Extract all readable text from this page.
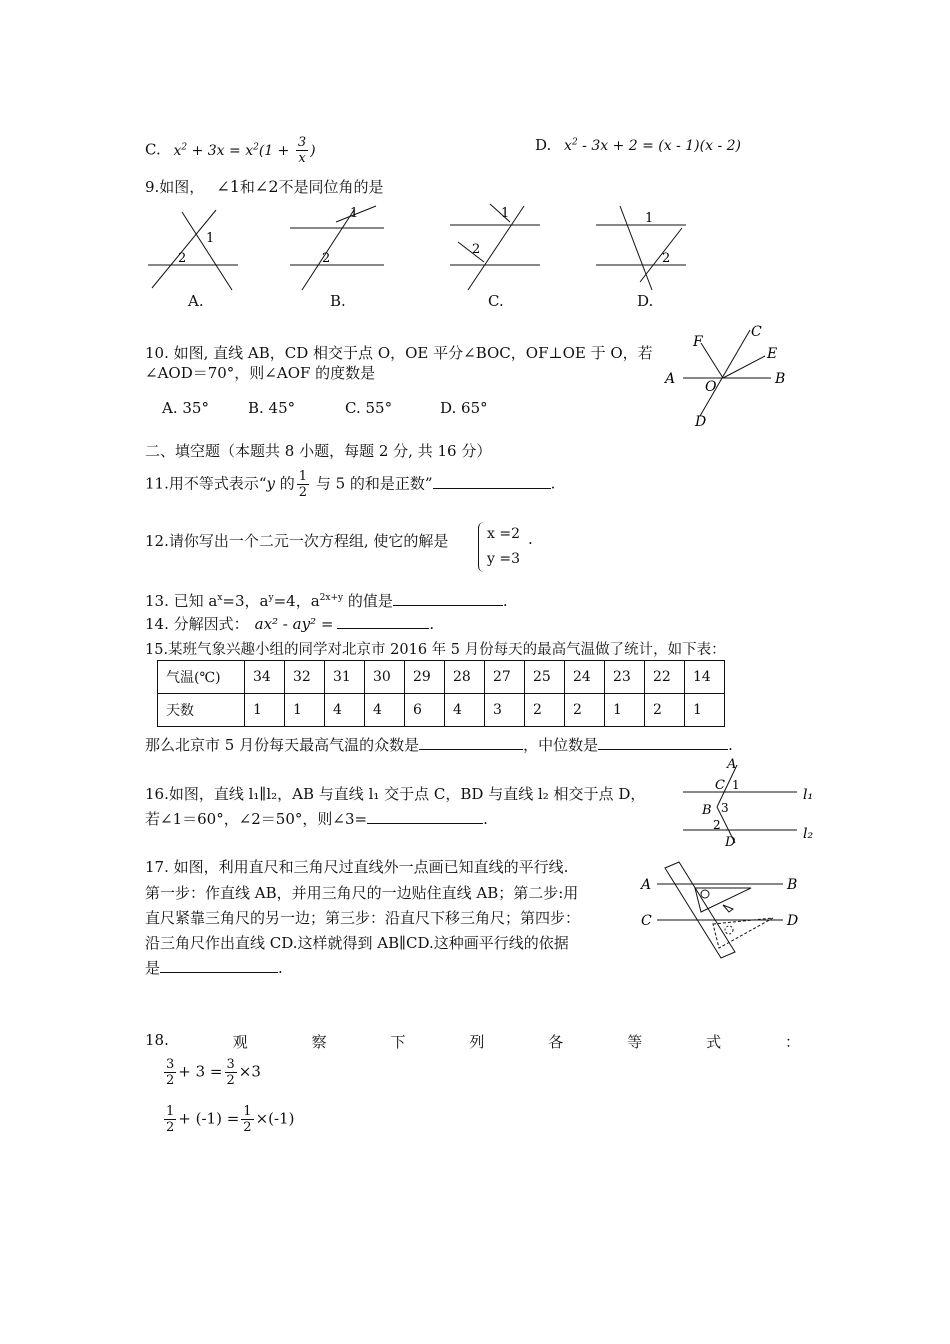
C. $x^2 + 3x = x^2(1 + \frac{3}{x}$ )	D. $x^2 - 3x + 2 = (x - 1)(x - 2)$
9.如图， ∠1和∠2不是同位角的是
1
2
1
2
1
2
1
2
A.	B.	C.	D.
10. 如图, 直线 AB，CD 相交于点 O，OE 平分∠BOC，OF⊥OE 于 O，若
∠AOD＝70°，则∠AOF 的度数是
A. 35°	B. 45°	C. 55°	D. 65°
F
C
E
A O	B
D
二、填空题（本题共 8 小题，每题 2 分, 共 16 分）
11.用不等式表示“y 的 $\frac{1}{2}$ 与 5 的和是正数”	.
12.请你写出一个二元一次方程组, 使它的解是	x =2
y =3
.
13. 已知 $a^x=3$，$a^y=4$，$a^{2x+y}$ 的值是	.
14. 分解因式： ax² - ay² =	.
15.某班气象兴趣小组的同学对北京市 2016 年 5 月份每天的最高气温做了统计，如下表：
气温(℃)	34	32	31	30	29	28	27	25	24	23	22	14
天数	1	1	4	4	6	4	3	2	2	1	2	1
那么北京市 5 月份每天最高气温的众数是	，中位数是	.
16.如图，直线 l₁∥l₂，AB 与直线 l₁ 交于点 C，BD 与直线 l₂ 相交于点 D，
若∠1＝60°，∠2＝50°，则∠3=	.
A
C 1
B 3
2
D
l₁
l₂
17. 如图，利用直尺和三角尺过直线外一点画已知直线的平行线.
第一步：作直线 AB，并用三角尺的一边贴住直线 AB；第二步:用
直尺紧靠三角尺的另一边；第三步：沿直尺下移三角尺；第四步：
沿三角尺作出直线 CD.这样就得到 AB∥CD.这种画平行线的依据
是	.
A	B
C	D
18.	观	察	下	列	各	等	式	：
$\frac{3}{2} + 3 = \frac{3}{2} \times 3$
$\frac{1}{2} + (-1) = \frac{1}{2} \times(-1)$
